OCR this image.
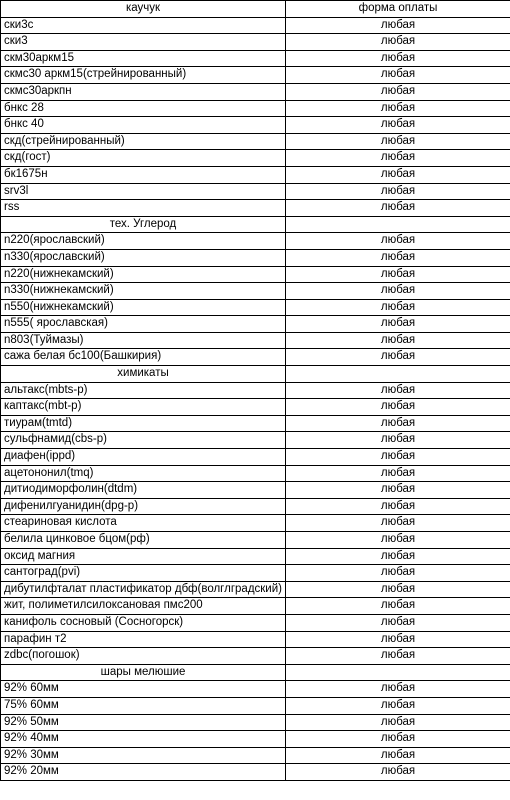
каучук	форма оплаты
ски3с	любая
ски3	любая
скм30аркм15	любая
скмс30 аркм15(стрейнированный)	любая
скмс30аркпн	любая
бнкс 28	любая
бнкс 40	любая
скд(стрейнированный)	любая
скд(гост)	любая
бк1675н	любая
srv3l	любая
rss	любая
тех. Углерод	
n220(ярославский)	любая
n330(ярославский)	любая
n220(нижнекамский)	любая
n330(нижнекамский)	любая
n550(нижнекамский)	любая
n555( ярославская)	любая
n803(Туймазы)	любая
сажа белая бс100(Башкирия)	любая
химикаты	
альтакс(mbts-p)	любая
каптакс(mbt-p)	любая
тиурам(tmtd)	любая
сульфнамид(cbs-p)	любая
диафен(ippd)	любая
ацетононил(tmq)	любая
дитиодиморфолин(dtdm)	любая
дифенилгуанидин(dpg-p)	любая
стеариновая кислота	любая
белила цинковое бцом(рф)	любая
оксид магния	любая
сантоград(pvi)	любая
дибутилфталат пластификатор дбф(волглградский)	любая
жит, полиметилсилоксановая пмс200	любая
канифоль сосновый (Сосногорск)	любая
парафин т2	любая
zdbc(погошок)	любая
шары мелюшие	
92% 60мм	любая
75% 60мм	любая
92% 50мм	любая
92% 40мм	любая
92% 30мм	любая
92% 20мм	любая
